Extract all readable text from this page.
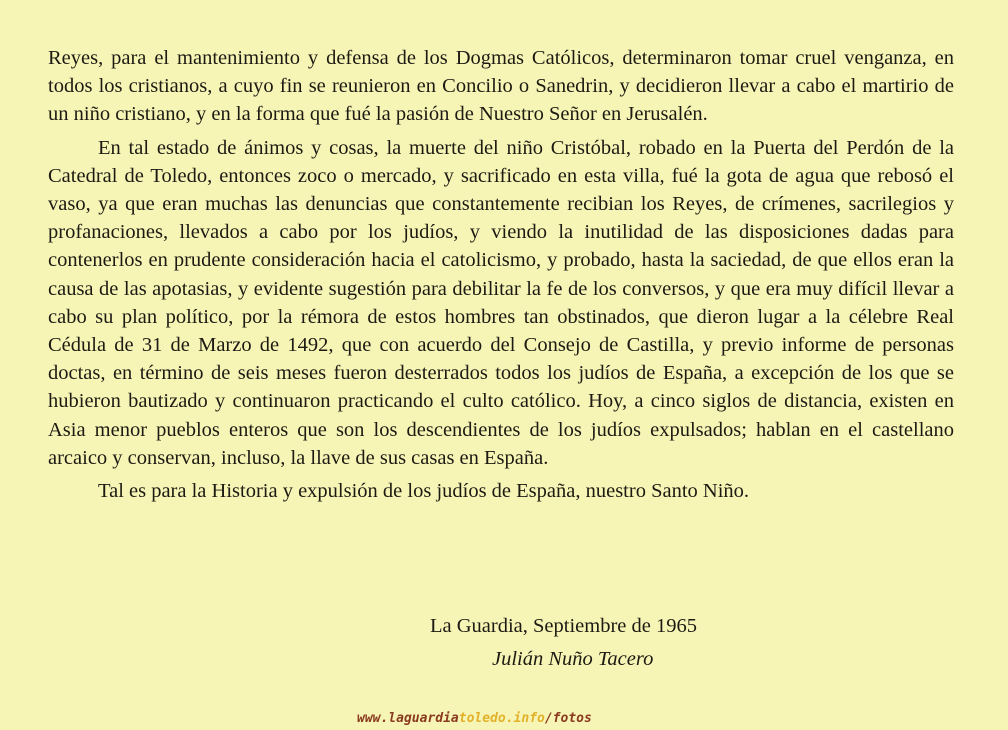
Reyes, para el mantenimiento y defensa de los Dogmas Católicos, determinaron tomar cruel venganza, en todos los cristianos, a cuyo fin se reunieron en Concilio o Sanedrin, y decidieron llevar a cabo el martirio de un niño cristiano, y en la forma que fué la pasión de Nuestro Señor en Jerusalén.

En tal estado de ánimos y cosas, la muerte del niño Cristóbal, robado en la Puerta del Perdón de la Catedral de Toledo, entonces zoco o mercado, y sacrificado en esta villa, fué la gota de agua que rebosó el vaso, ya que eran muchas las denuncias que constantemente recibian los Reyes, de crímenes, sacrilegios y profanaciones, llevados a cabo por los judíos, y viendo la inutilidad de las disposiciones dadas para contenerlos en prudente consideración hacia el catolicismo, y probado, hasta la saciedad, de que ellos eran la causa de las apotasias, y evidente sugestión para debilitar la fe de los conversos, y que era muy difícil llevar a cabo su plan político, por la rémora de estos hombres tan obstinados, que dieron lugar a la célebre Real Cédula de 31 de Marzo de 1492, que con acuerdo del Consejo de Castilla, y previo informe de personas doctas, en término de seis meses fueron desterrados todos los judíos de España, a excepción de los que se hubieron bautizado y continuaron practicando el culto católico. Hoy, a cinco siglos de distancia, existen en Asia menor pueblos enteros que son los descendientes de los judíos expulsados; hablan en el castellano arcaico y conservan, incluso, la llave de sus casas en España.

Tal es para la Historia y expulsión de los judíos de España, nuestro Santo Niño.

La Guardia, Septiembre de 1965
Julián Nuño Tacero
www.laguardiatoledo.info/fotos
